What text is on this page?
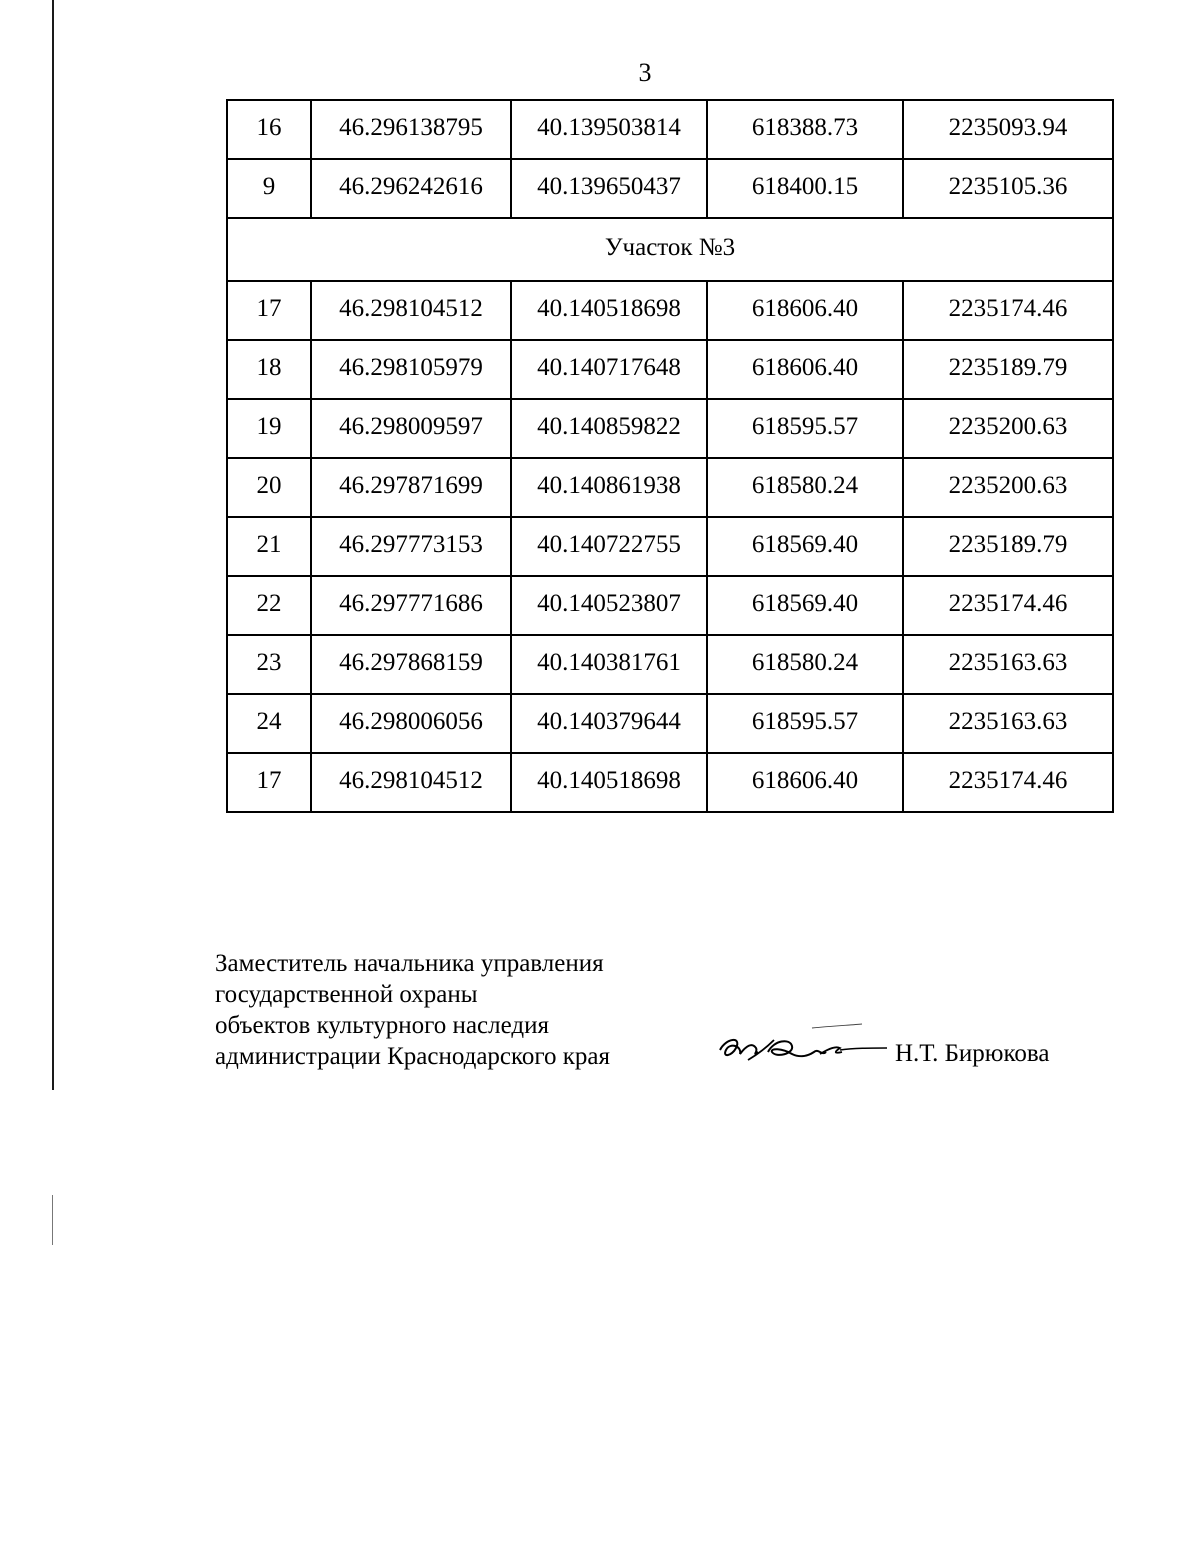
3
16	46.296138795	40.139503814	618388.73	2235093.94
9	46.296242616	40.139650437	618400.15	2235105.36
Участок №3				
17	46.298104512	40.140518698	618606.40	2235174.46
18	46.298105979	40.140717648	618606.40	2235189.79
19	46.298009597	40.140859822	618595.57	2235200.63
20	46.297871699	40.140861938	618580.24	2235200.63
21	46.297773153	40.140722755	618569.40	2235189.79
22	46.297771686	40.140523807	618569.40	2235174.46
23	46.297868159	40.140381761	618580.24	2235163.63
24	46.298006056	40.140379644	618595.57	2235163.63
17	46.298104512	40.140518698	618606.40	2235174.46
Заместитель начальника управления
государственной охраны
объектов культурного наследия
администрации Краснодарского края	Н.Т. Бирюкова
